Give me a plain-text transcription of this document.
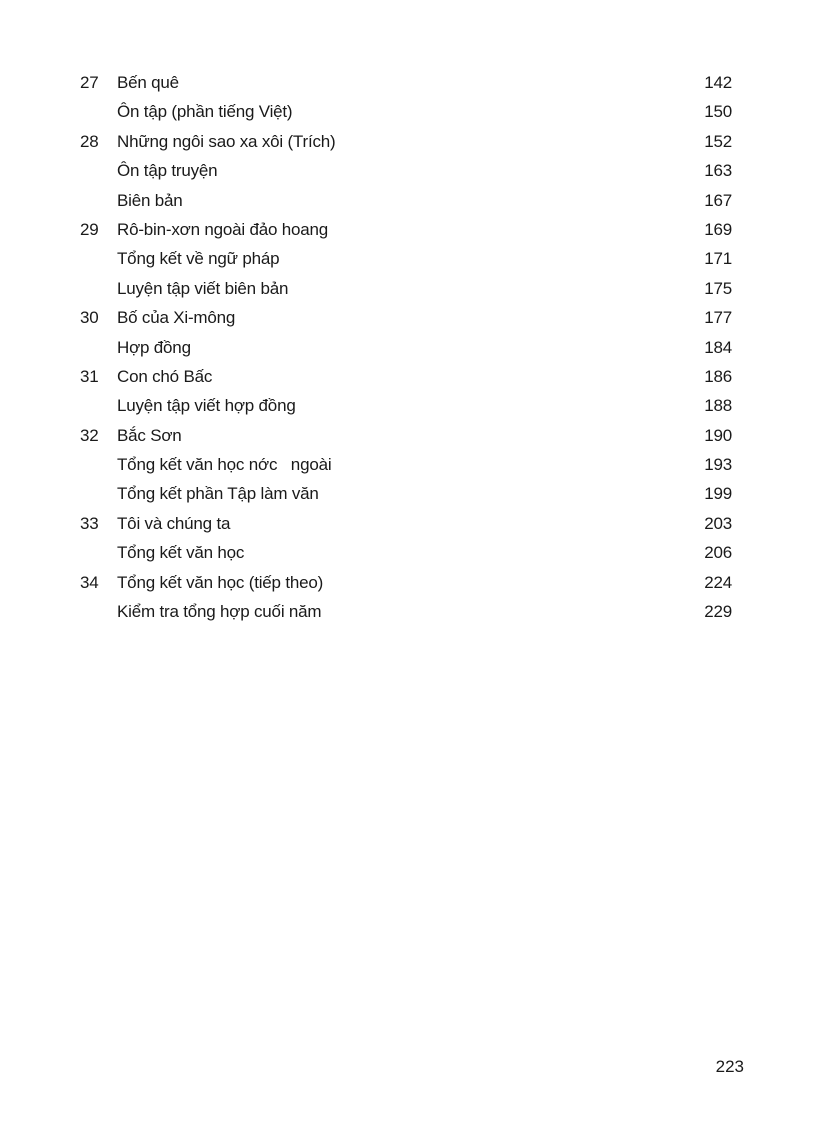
27	Bến quê	142
Ôn tập (phần tiếng Việt)	150
28	Những ngôi sao xa xôi (Trích)	152
Ôn tập truyện	163
Biên bản	167
29	Rô-bin-xơn ngoài đảo hoang	169
Tổng kết về ngữ pháp	171
Luyện tập viết biên bản	175
30	Bố của Xi-mông	177
Hợp đồng	184
31	Con chó Bấc	186
Luyện tập viết hợp đồng	188
32	Bắc Sơn	190
Tổng kết văn học nớc   ngoài	193
Tổng kết phần Tập làm văn	199
33	Tôi và chúng ta	203
Tổng kết văn học	206
34	Tổng kết văn học (tiếp theo)	224
Kiểm tra tổng hợp cuối năm	229
223
